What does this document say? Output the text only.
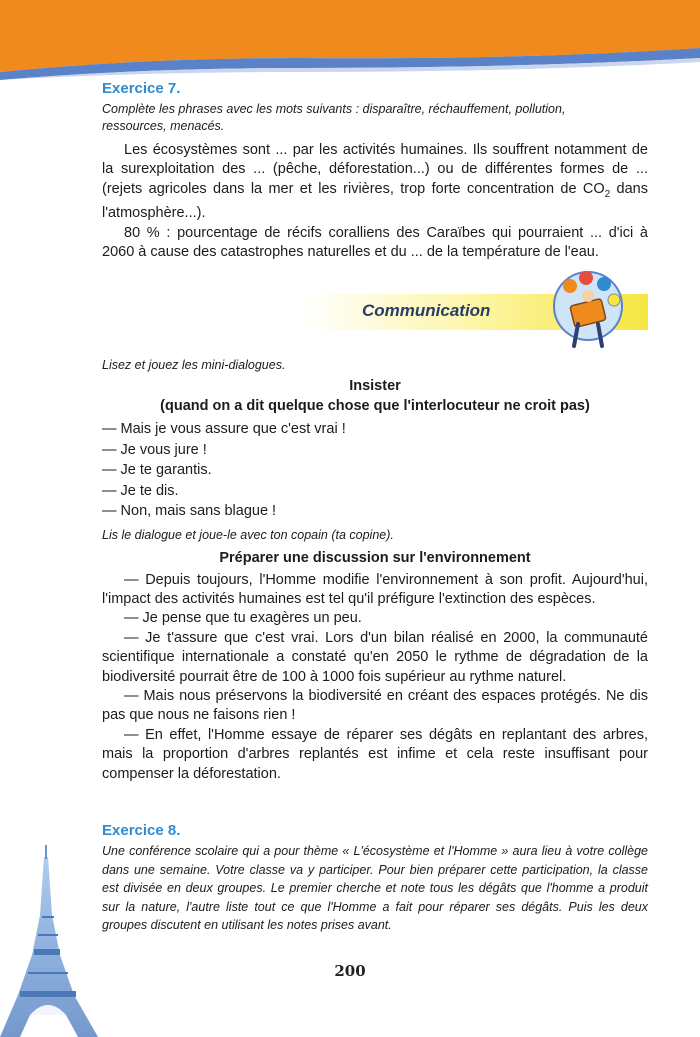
Exercice 7.

Complète les phrases avec les mots suivants : disparaître, réchauffement, pollution,

ressources, menacés.

Les écosystèmes sont ... par les activités humaines. Ils souffrent notamment de la surexploitation des ... (pêche, déforestation...) ou de différentes formes de ... (rejets agricoles dans la mer et les rivières, trop forte concentration de $CO_2$ dans l'atmosphère...).

80 % : pourcentage de récifs coralliens des Caraïbes qui pourraient ... d'ici à 2060 à cause des catastrophes naturelles et du ... de la température de l'eau.

Communication

Lisez et jouez les mini-dialogues.

Insister

(quand on a dit quelque chose que l'interlocuteur ne croit pas)

— Mais je vous assure que c'est vrai !

— Je vous jure !

— Je te garantis.

— Je te dis.

— Non, mais sans blague !

Lis le dialogue et joue-le avec ton copain (ta copine).

Préparer une discussion sur l'environnement

— Depuis toujours, l'Homme modifie l'environnement à son profit. Aujourd'hui, l'impact des activités humaines est tel qu'il préfigure l'extinction des espèces.

— Je pense que tu exagères un peu.

— Je t'assure que c'est vrai. Lors d'un bilan réalisé en 2000, la communauté scientifique internationale a constaté qu'en 2050 le rythme de dégradation de la biodiversité pourrait être de 100 à 1000 fois supérieur au rythme naturel.

— Mais nous préservons la biodiversité en créant des espaces protégés. Ne dis pas que nous ne faisons rien !

— En effet, l'Homme essaye de réparer ses dégâts en replantant des arbres, mais la proportion d'arbres replantés est infime et cela reste insuffisant pour compenser la déforestation.

Exercice 8.

Une conférence scolaire qui a pour thème « L'écosystème et l'Homme » aura lieu à votre collège dans une semaine. Votre classe va y participer. Pour bien préparer cette participation, la classe est divisée en deux groupes. Le premier cherche et note tous les dégâts que l'homme a produit sur la nature, l'autre liste tout ce que l'Homme a fait pour réparer ses dégâts. Puis les deux groupes discutent en utilisant les notes prises avant.

200
